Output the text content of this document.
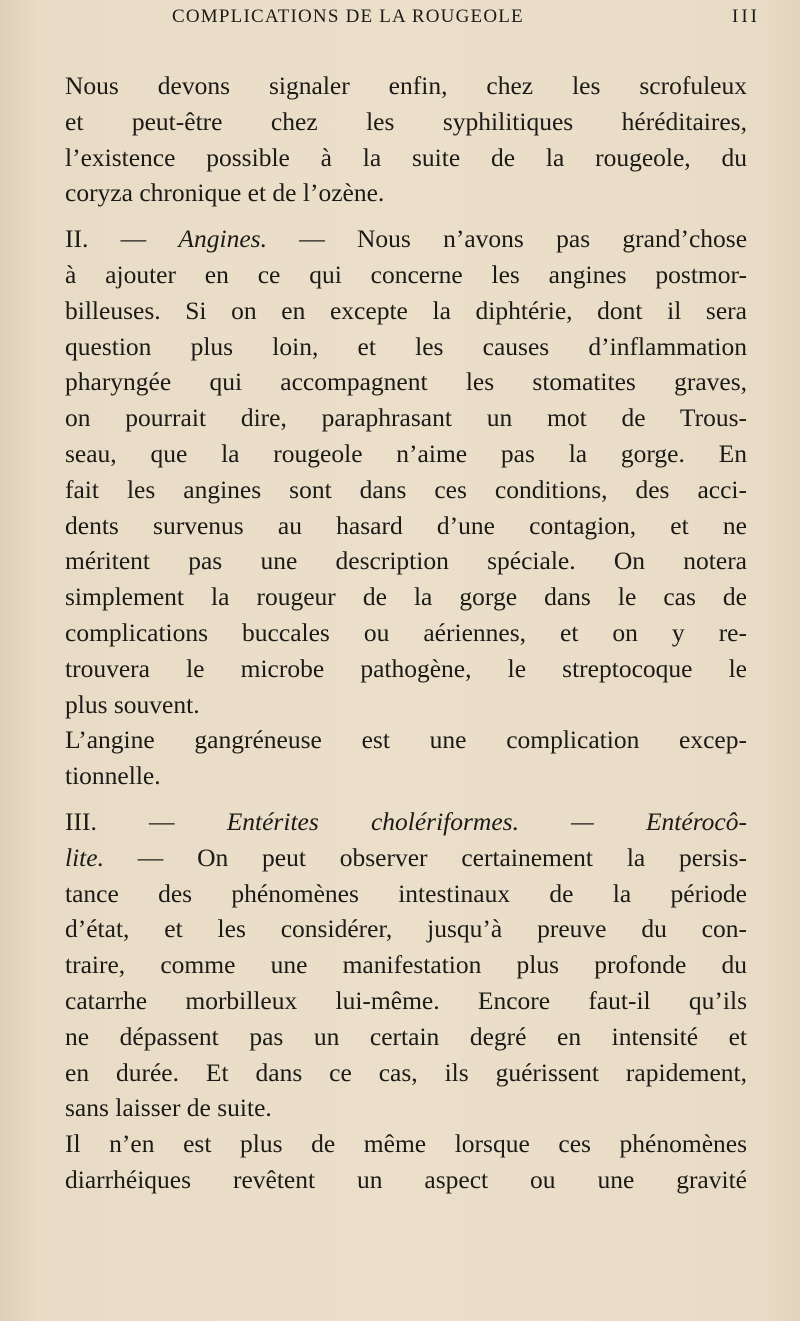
COMPLICATIONS DE LA ROUGEOLE	III

Nous devons signaler enfin, chez les scrofuleux
et peut-être chez les syphilitiques héréditaires,
l’existence possible à la suite de la rougeole, du
coryza chronique et de l’ozène.

II. — Angines. — Nous n’avons pas grand’chose
à ajouter en ce qui concerne les angines postmor-
billeuses. Si on en excepte la diphtérie, dont il sera
question plus loin, et les causes d’inflammation
pharyngée qui accompagnent les stomatites graves,
on pourrait dire, paraphrasant un mot de Trous-
seau, que la rougeole n’aime pas la gorge. En
fait les angines sont dans ces conditions, des acci-
dents survenus au hasard d’une contagion, et ne
méritent pas une description spéciale. On notera
simplement la rougeur de la gorge dans le cas de
complications buccales ou aériennes, et on y re-
trouvera le microbe pathogène, le streptocoque le
plus souvent.

L’angine gangréneuse est une complication excep-
tionnelle.

III. — Entérites cholériformes. — Entérocô-
lite. — On peut observer certainement la persis-
tance des phénomènes intestinaux de la période
d’état, et les considérer, jusqu’à preuve du con-
traire, comme une manifestation plus profonde du
catarrhe morbilleux lui-même. Encore faut-il qu’ils
ne dépassent pas un certain degré en intensité et
en durée. Et dans ce cas, ils guérissent rapidement,
sans laisser de suite.

Il n’en est plus de même lorsque ces phénomènes
diarrhéiques revêtent un aspect ou une gravité
